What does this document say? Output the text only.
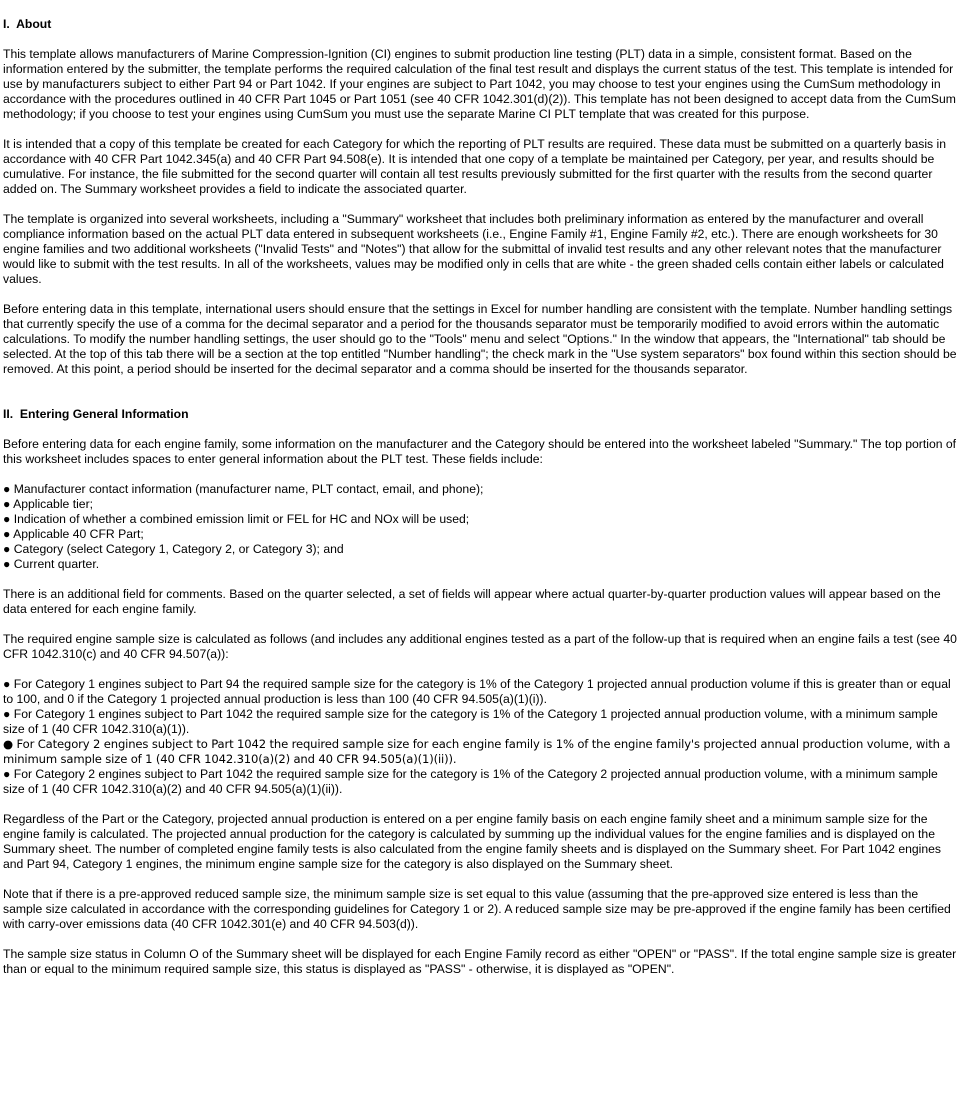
I.  About

This template allows manufacturers of Marine Compression-Ignition (CI) engines to submit production line testing (PLT) data in a simple, consistent format. Based on the information entered by the submitter, the template performs the required calculation of the final test result and displays the current status of the test. This template is intended for use by manufacturers subject to either Part 94 or Part 1042. If your engines are subject to Part 1042, you may choose to test your engines using the CumSum methodology in accordance with the procedures outlined in 40 CFR Part 1045 or Part 1051 (see 40 CFR 1042.301(d)(2)). This template has not been designed to accept data from the CumSum methodology; if you choose to test your engines using CumSum you must use the separate Marine CI PLT template that was created for this purpose.

It is intended that a copy of this template be created for each Category for which the reporting of PLT results are required. These data must be submitted on a quarterly basis in accordance with 40 CFR Part 1042.345(a) and 40 CFR Part 94.508(e). It is intended that one copy of a template be maintained per Category, per year, and results should be cumulative. For instance, the file submitted for the second quarter will contain all test results previously submitted for the first quarter with the results from the second quarter added on. The Summary worksheet provides a field to indicate the associated quarter.

The template is organized into several worksheets, including a "Summary" worksheet that includes both preliminary information as entered by the manufacturer and overall compliance information based on the actual PLT data entered in subsequent worksheets (i.e., Engine Family #1, Engine Family #2, etc.). There are enough worksheets for 30 engine families and two additional worksheets ("Invalid Tests" and "Notes") that allow for the submittal of invalid test results and any other relevant notes that the manufacturer would like to submit with the test results. In all of the worksheets, values may be modified only in cells that are white - the green shaded cells contain either labels or calculated values.

Before entering data in this template, international users should ensure that the settings in Excel for number handling are consistent with the template. Number handling settings that currently specify the use of a comma for the decimal separator and a period for the thousands separator must be temporarily modified to avoid errors within the automatic calculations. To modify the number handling settings, the user should go to the "Tools" menu and select "Options." In the window that appears, the "International" tab should be selected. At the top of this tab there will be a section at the top entitled "Number handling"; the check mark in the "Use system separators" box found within this section should be removed. At this point, a period should be inserted for the decimal separator and a comma should be inserted for the thousands separator.

II.  Entering General Information

Before entering data for each engine family, some information on the manufacturer and the Category should be entered into the worksheet labeled "Summary." The top portion of this worksheet includes spaces to enter general information about the PLT test. These fields include:

● Manufacturer contact information (manufacturer name, PLT contact, email, and phone);
● Applicable tier;
● Indication of whether a combined emission limit or FEL for HC and NOx will be used;
● Applicable 40 CFR Part;
● Category (select Category 1, Category 2, or Category 3); and
● Current quarter.

There is an additional field for comments. Based on the quarter selected, a set of fields will appear where actual quarter-by-quarter production values will appear based on the data entered for each engine family.

The required engine sample size is calculated as follows (and includes any additional engines tested as a part of the follow-up that is required when an engine fails a test (see 40 CFR 1042.310(c) and 40 CFR 94.507(a)):

● For Category 1 engines subject to Part 94 the required sample size for the category is 1% of the Category 1 projected annual production volume if this is greater than or equal to 100, and 0 if the Category 1 projected annual production is less than 100 (40 CFR 94.505(a)(1)(i)).
● For Category 1 engines subject to Part 1042 the required sample size for the category is 1% of the Category 1 projected annual production volume, with a minimum sample size of 1 (40 CFR 1042.310(a)(1)).
● For Category 2 engines subject to Part 1042 the required sample size for each engine family is 1% of the engine family's projected annual production volume, with a minimum sample size of 1 (40 CFR 1042.310(a)(2) and 40 CFR 94.505(a)(1)(ii)).
● For Category 2 engines subject to Part 1042 the required sample size for the category is 1% of the Category 2 projected annual production volume, with a minimum sample size of 1 (40 CFR 1042.310(a)(2) and 40 CFR 94.505(a)(1)(ii)).

Regardless of the Part or the Category, projected annual production is entered on a per engine family basis on each engine family sheet and a minimum sample size for the engine family is calculated. The projected annual production for the category is calculated by summing up the individual values for the engine families and is displayed on the Summary sheet. The number of completed engine family tests is also calculated from the engine family sheets and is displayed on the Summary sheet. For Part 1042 engines and Part 94, Category 1 engines, the minimum engine sample size for the category is also displayed on the Summary sheet.

Note that if there is a pre-approved reduced sample size, the minimum sample size is set equal to this value (assuming that the pre-approved size entered is less than the sample size calculated in accordance with the corresponding guidelines for Category 1 or 2). A reduced sample size may be pre-approved if the engine family has been certified with carry-over emissions data (40 CFR 1042.301(e) and 40 CFR 94.503(d)).

The sample size status in Column O of the Summary sheet will be displayed for each Engine Family record as either "OPEN" or "PASS". If the total engine sample size is greater than or equal to the minimum required sample size, this status is displayed as "PASS" - otherwise, it is displayed as "OPEN".
